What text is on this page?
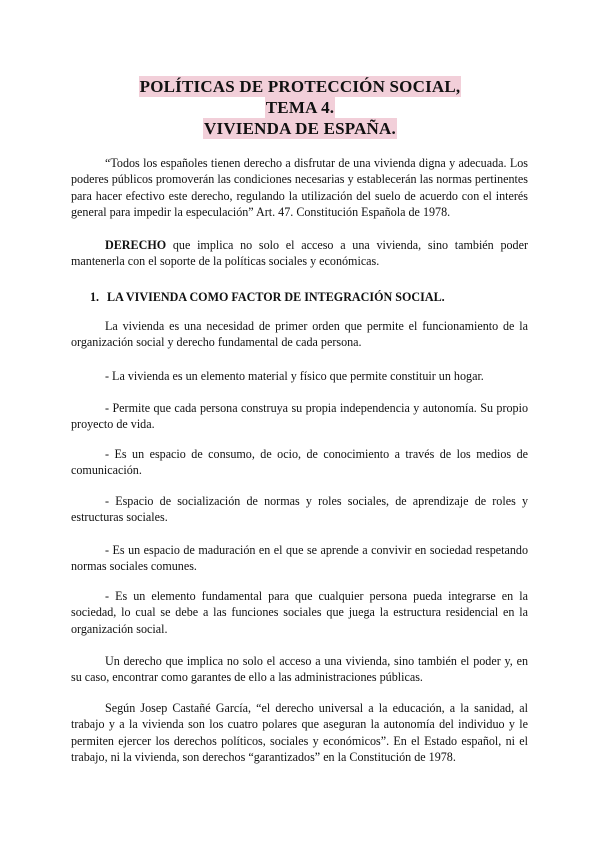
POLÍTICAS DE PROTECCIÓN SOCIAL,
TEMA 4.
VIVIENDA DE ESPAÑA.

“Todos los españoles tienen derecho a disfrutar de una vivienda digna y adecuada. Los poderes públicos promoverán las condiciones necesarias y establecerán las normas pertinentes para hacer efectivo este derecho, regulando la utilización del suelo de acuerdo con el interés general para impedir la especulación” Art. 47. Constitución Española de 1978.

DERECHO que implica no solo el acceso a una vivienda, sino también poder mantenerla con el soporte de la políticas sociales y económicas.

1. LA VIVIENDA COMO FACTOR DE INTEGRACIÓN SOCIAL.

La vivienda es una necesidad de primer orden que permite el funcionamiento de la organización social y derecho fundamental de cada persona.

- La vivienda es un elemento material y físico que permite constituir un hogar.

- Permite que cada persona construya su propia independencia y autonomía. Su propio proyecto de vida.

- Es un espacio de consumo, de ocio, de conocimiento a través de los medios de comunicación.

- Espacio de socialización de normas y roles sociales, de aprendizaje de roles y estructuras sociales.

- Es un espacio de maduración en el que se aprende a convivir en sociedad respetando normas sociales comunes.

- Es un elemento fundamental para que cualquier persona pueda integrarse en la sociedad, lo cual se debe a las funciones sociales que juega la estructura residencial en la organización social.

Un derecho que implica no solo el acceso a una vivienda, sino también el poder y, en su caso, encontrar como garantes de ello a las administraciones públicas.

Según Josep Castañé García, “el derecho universal a la educación, a la sanidad, al trabajo y a la vivienda son los cuatro polares que aseguran la autonomía del individuo y le permiten ejercer los derechos políticos, sociales y económicos”. En el Estado español, ni el trabajo, ni la vivienda, son derechos “garantizados” en la Constitución de 1978.
